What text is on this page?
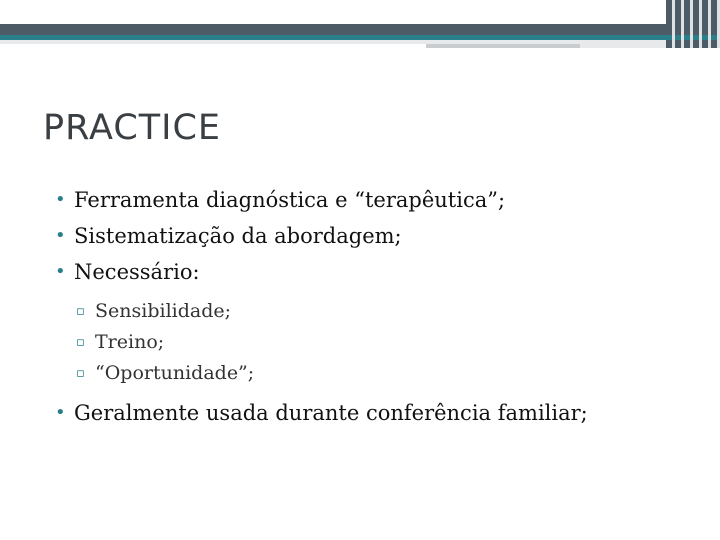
PRACTICE
• Ferramenta diagnóstica e “terapêutica”;
• Sistematização da abordagem;
• Necessário:
▫ Sensibilidade;
▫ Treino;
▫ “Oportunidade”;
• Geralmente usada durante conferência familiar;
